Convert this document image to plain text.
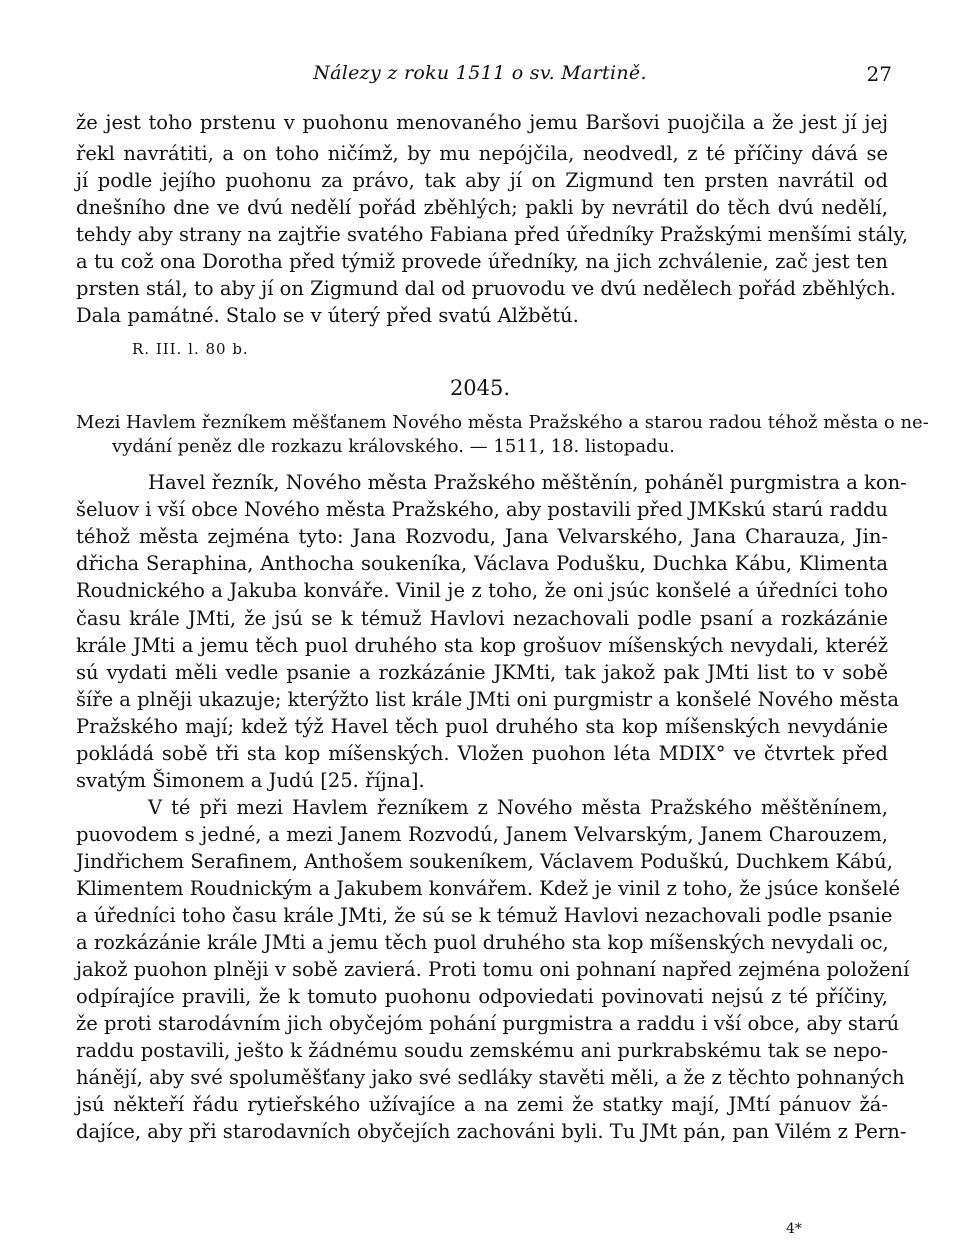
Nálezy z roku 1511 o sv. Martině.	27
že jest toho prstenu v puohonu menovaného jemu Baršovi puojčila a že jest jí jej
řekl navrátiti, a on toho ničímž, by mu nepójčila, neodvedl, z té příčiny dává se
jí podle jejího puohonu za právo, tak aby jí on Zigmund ten prsten navrátil od
dnešního dne ve dvú nedělí pořád zběhlých; pakli by nevrátil do těch dvú nedělí,
tehdy aby strany na zajtřie svatého Fabiana před úředníky Pražskými menšími stály,
a tu což ona Dorotha před týmiž provede úředníky, na jich zchválenie, zač jest ten
prsten stál, to aby jí on Zigmund dal od pruovodu ve dvú nedělech pořád zběhlých.
Dala památné. Stalo se v úterý před svatú Alžbětú.
R. III. l. 80 b.
2045.
Mezi Havlem řezníkem měšťanem Nového města Pražského a starou radou téhož města o ne-
vydání peněz dle rozkazu královského. — 1511, 18. listopadu.
Havel řezník, Nového města Pražského měštěnín, poháněl purgmistra a kon-
šeluov i vší obce Nového města Pražského, aby postavili před JMKskú starú raddu
téhož města zejména tyto: Jana Rozvodu, Jana Velvarského, Jana Charauza, Jin-
dřicha Seraphina, Anthocha soukeníka, Václava Podušku, Duchka Kábu, Klimenta
Roudnického a Jakuba konváře. Vinil je z toho, že oni jsúc konšelé a úředníci toho
času krále JMti, že jsú se k témuž Havlovi nezachovali podle psaní a rozkázánie
krále JMti a jemu těch puol druhého sta kop grošuov míšenských nevydali, kteréž
sú vydati měli vedle psanie a rozkázánie JKMti, tak jakož pak JMti list to v sobě
šíře a plněji ukazuje; kterýžto list krále JMti oni purgmistr a konšelé Nového města
Pražského mají; kdež týž Havel těch puol druhého sta kop míšenských nevydánie
pokládá sobě tři sta kop míšenských. Vložen puohon léta MDIX° ve čtvrtek před
svatým Šimonem a Judú [25. října].
V té při mezi Havlem řezníkem z Nového města Pražského měštěnínem,
puovodem s jedné, a mezi Janem Rozvodú, Janem Velvarským, Janem Charouzem,
Jindřichem Serafinem, Anthošem soukeníkem, Václavem Poduškú, Duchkem Kábú,
Klimentem Roudnickým a Jakubem konvářem. Kdež je vinil z toho, že jsúce konšelé
a úředníci toho času krále JMti, že sú se k témuž Havlovi nezachovali podle psanie
a rozkázánie krále JMti a jemu těch puol druhého sta kop míšenských nevydali oc,
jakož puohon plněji v sobě zavierá. Proti tomu oni pohnaní napřed zejména položení
odpírajíce pravili, že k tomuto puohonu odpoviedati povinovati nejsú z té příčiny,
že proti starodávním jich obyčejóm pohání purgmistra a raddu i vší obce, aby starú
raddu postavili, ješto k žádnému soudu zemskému ani purkrabskému tak se nepo-
hánějí, aby své spoluměšťany jako své sedláky stavěti měli, a že z těchto pohnaných
jsú někteří řádu rytieřského užívajíce a na zemi že statky mají, JMtí pánuov žá-
dajíce, aby při starodavních obyčejích zachováni byli. Tu JMt pán, pan Vilém z Pern-
4*
